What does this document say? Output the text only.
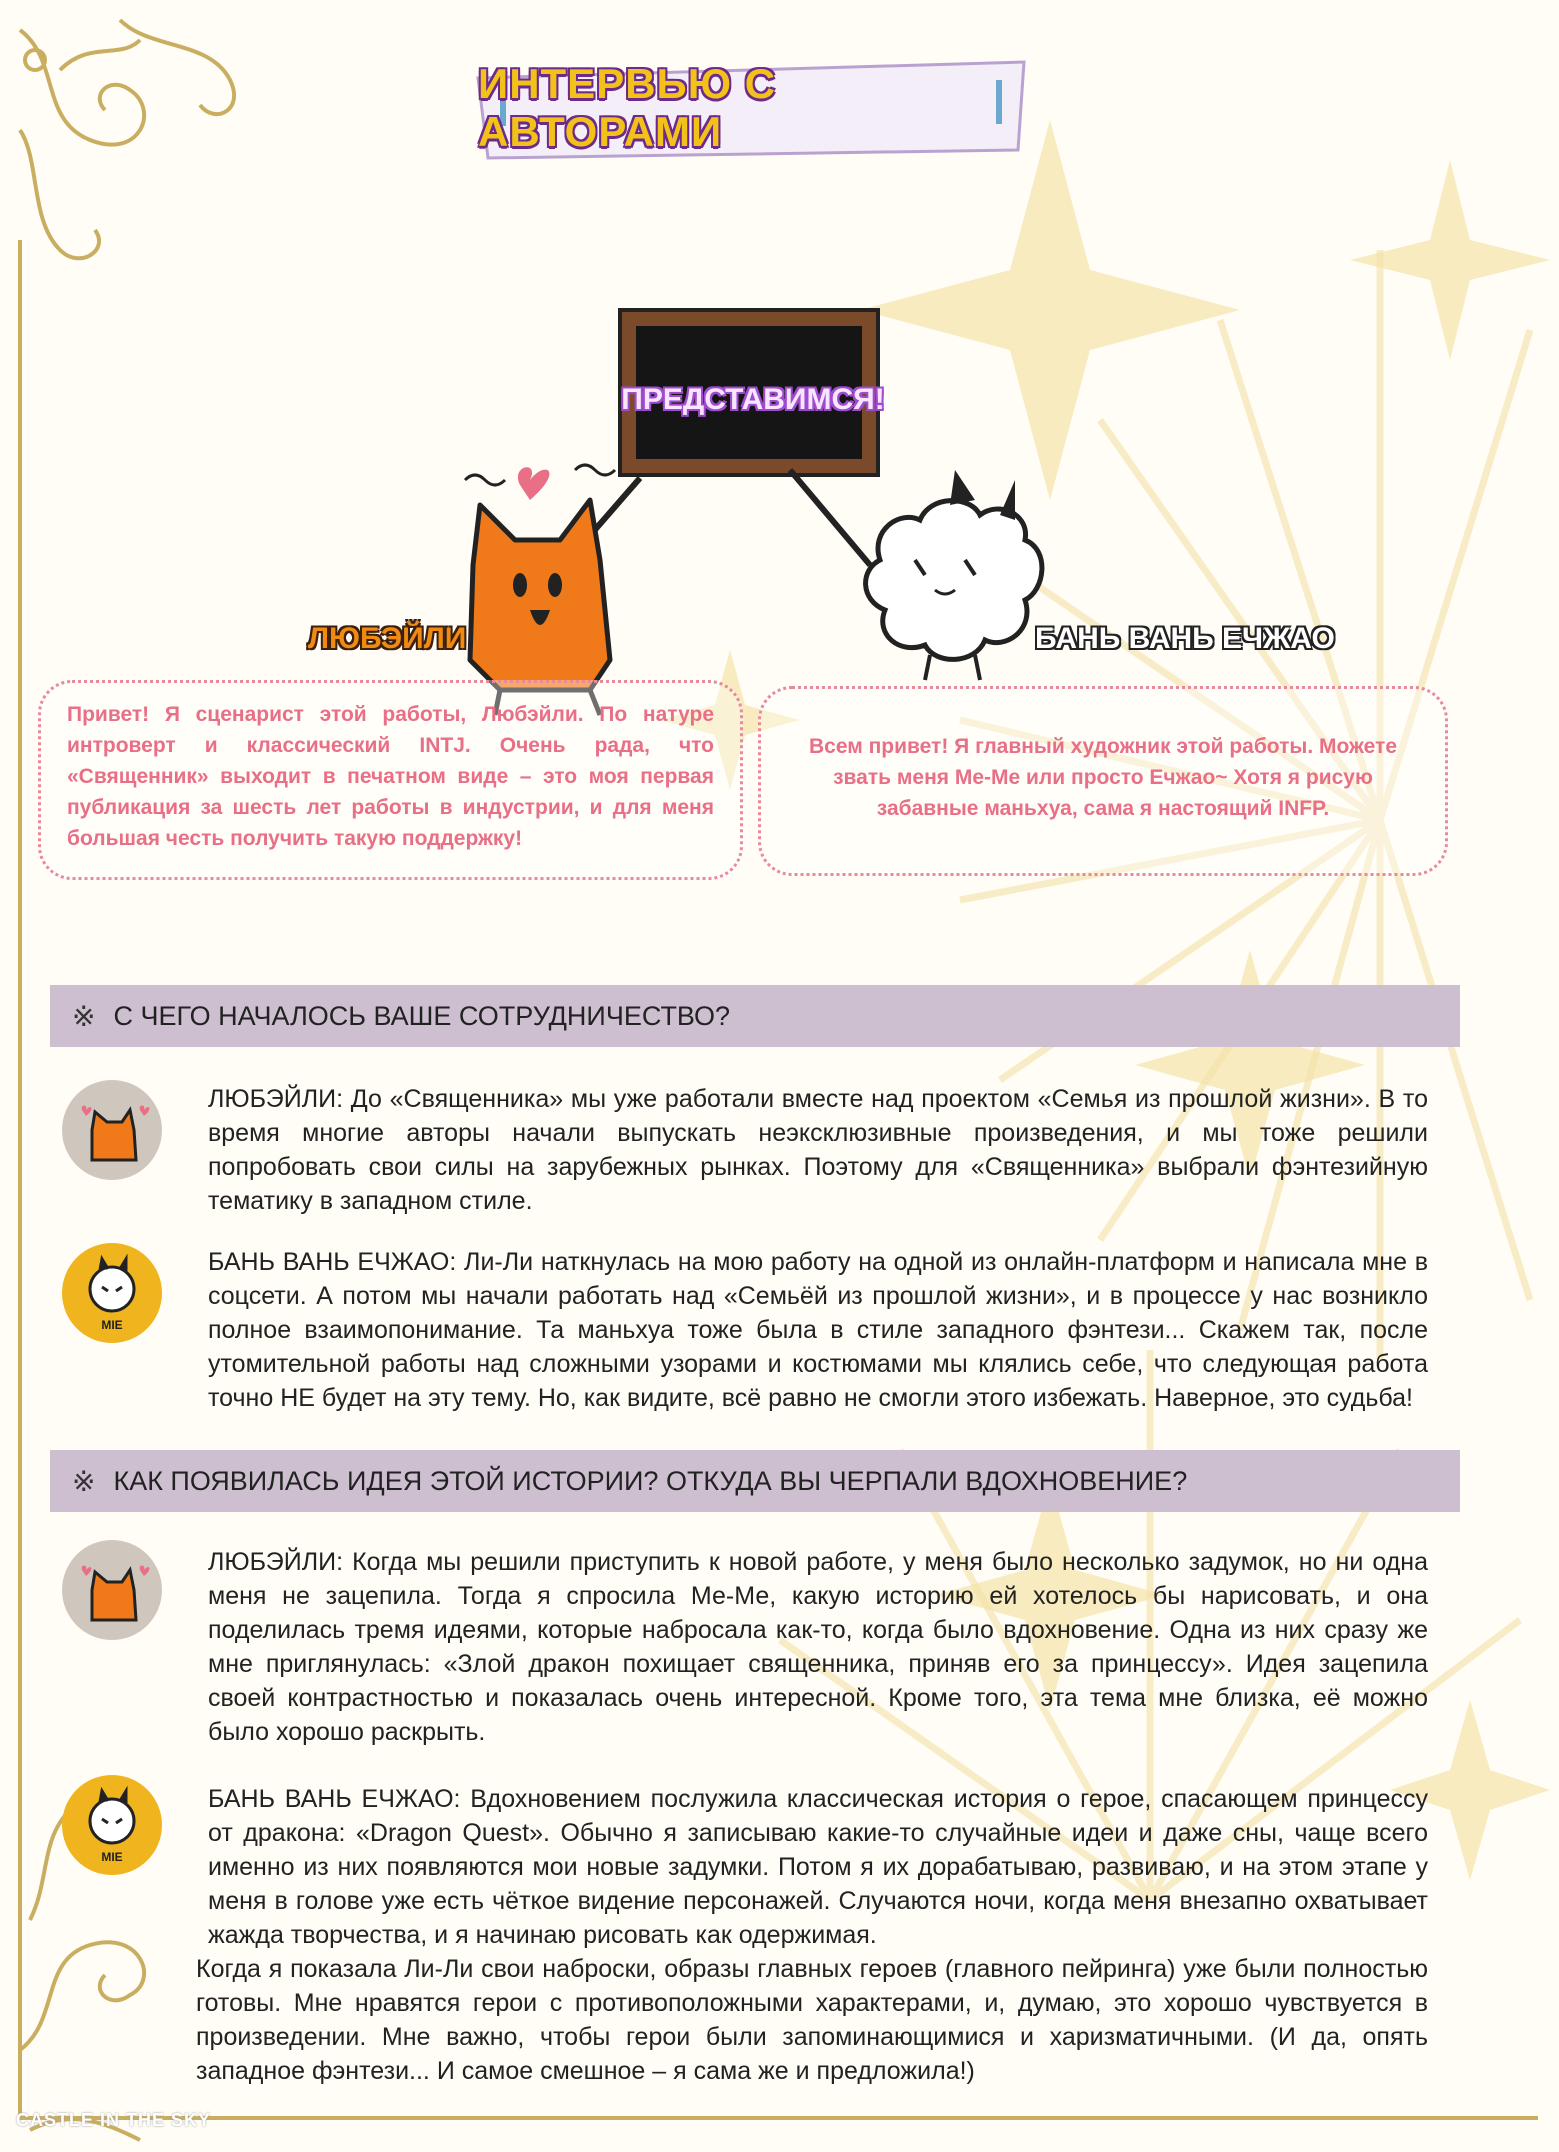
ИНТЕРВЬЮ С АВТОРАМИ
ПРЕДСТАВИМСЯ!
ЛЮБЭЙЛИ	БАНЬ ВАНЬ ЕЧЖАО
Привет! Я сценарист этой работы, Любэйли. По натуре интроверт и классический INTJ. Очень рада, что «Священник» выходит в печатном виде – это моя первая публикация за шесть лет работы в индустрии, и для меня большая честь получить такую поддержку!
Всем привет! Я главный художник этой работы. Можете звать меня Ме-Ме или просто Ечжао~ Хотя я рисую забавные маньхуа, сама я настоящий INFP.
※ С ЧЕГО НАЧАЛОСЬ ВАШЕ СОТРУДНИЧЕСТВО?
ЛЮБЭЙЛИ: До «Священника» мы уже работали вместе над проектом «Семья из прошлой жизни». В то время многие авторы начали выпускать неэксклюзивные произведения, и мы тоже решили попробовать свои силы на зарубежных рынках. Поэтому для «Священника» выбрали фэнтезийную тематику в западном стиле.
MIE
БАНЬ ВАНЬ ЕЧЖАО: Ли-Ли наткнулась на мою работу на одной из онлайн-платформ и написала мне в соцсети. А потом мы начали работать над «Семьёй из прошлой жизни», и в процессе у нас возникло полное взаимопонимание. Та маньхуа тоже была в стиле западного фэнтези... Скажем так, после утомительной работы над сложными узорами и костюмами мы клялись себе, что следующая работа точно НЕ будет на эту тему. Но, как видите, всё равно не смогли этого избежать. Наверное, это судьба!
※ КАК ПОЯВИЛАСЬ ИДЕЯ ЭТОЙ ИСТОРИИ? ОТКУДА ВЫ ЧЕРПАЛИ ВДОХНОВЕНИЕ?
ЛЮБЭЙЛИ: Когда мы решили приступить к новой работе, у меня было несколько задумок, но ни одна меня не зацепила. Тогда я спросила Ме-Ме, какую историю ей хотелось бы нарисовать, и она поделилась тремя идеями, которые набросала как-то, когда было вдохновение. Одна из них сразу же мне приглянулась: «Злой дракон похищает священника, приняв его за принцессу». Идея зацепила своей контрастностью и показалась очень интересной. Кроме того, эта тема мне близка, её можно было хорошо раскрыть.
MIE
БАНЬ ВАНЬ ЕЧЖАО: Вдохновением послужила классическая история о герое, спасающем принцессу от дракона: «Dragon Quest». Обычно я записываю какие-то случайные идеи и даже сны, чаще всего именно из них появляются мои новые задумки. Потом я их дорабатываю, развиваю, и на этом этапе у меня в голове уже есть чёткое видение персонажей. Случаются ночи, когда меня внезапно охватывает жажда творчества, и я начинаю рисовать как одержимая.
Когда я показала Ли-Ли свои наброски, образы главных героев (главного пейринга) уже были полностью готовы. Мне нравятся герои с противоположными характерами, и, думаю, это хорошо чувствуется в произведении. Мне важно, чтобы герои были запоминающимися и харизматичными. (И да, опять западное фэнтези... И самое смешное – я сама же и предложила!)
CASTLE IN THE SKY
